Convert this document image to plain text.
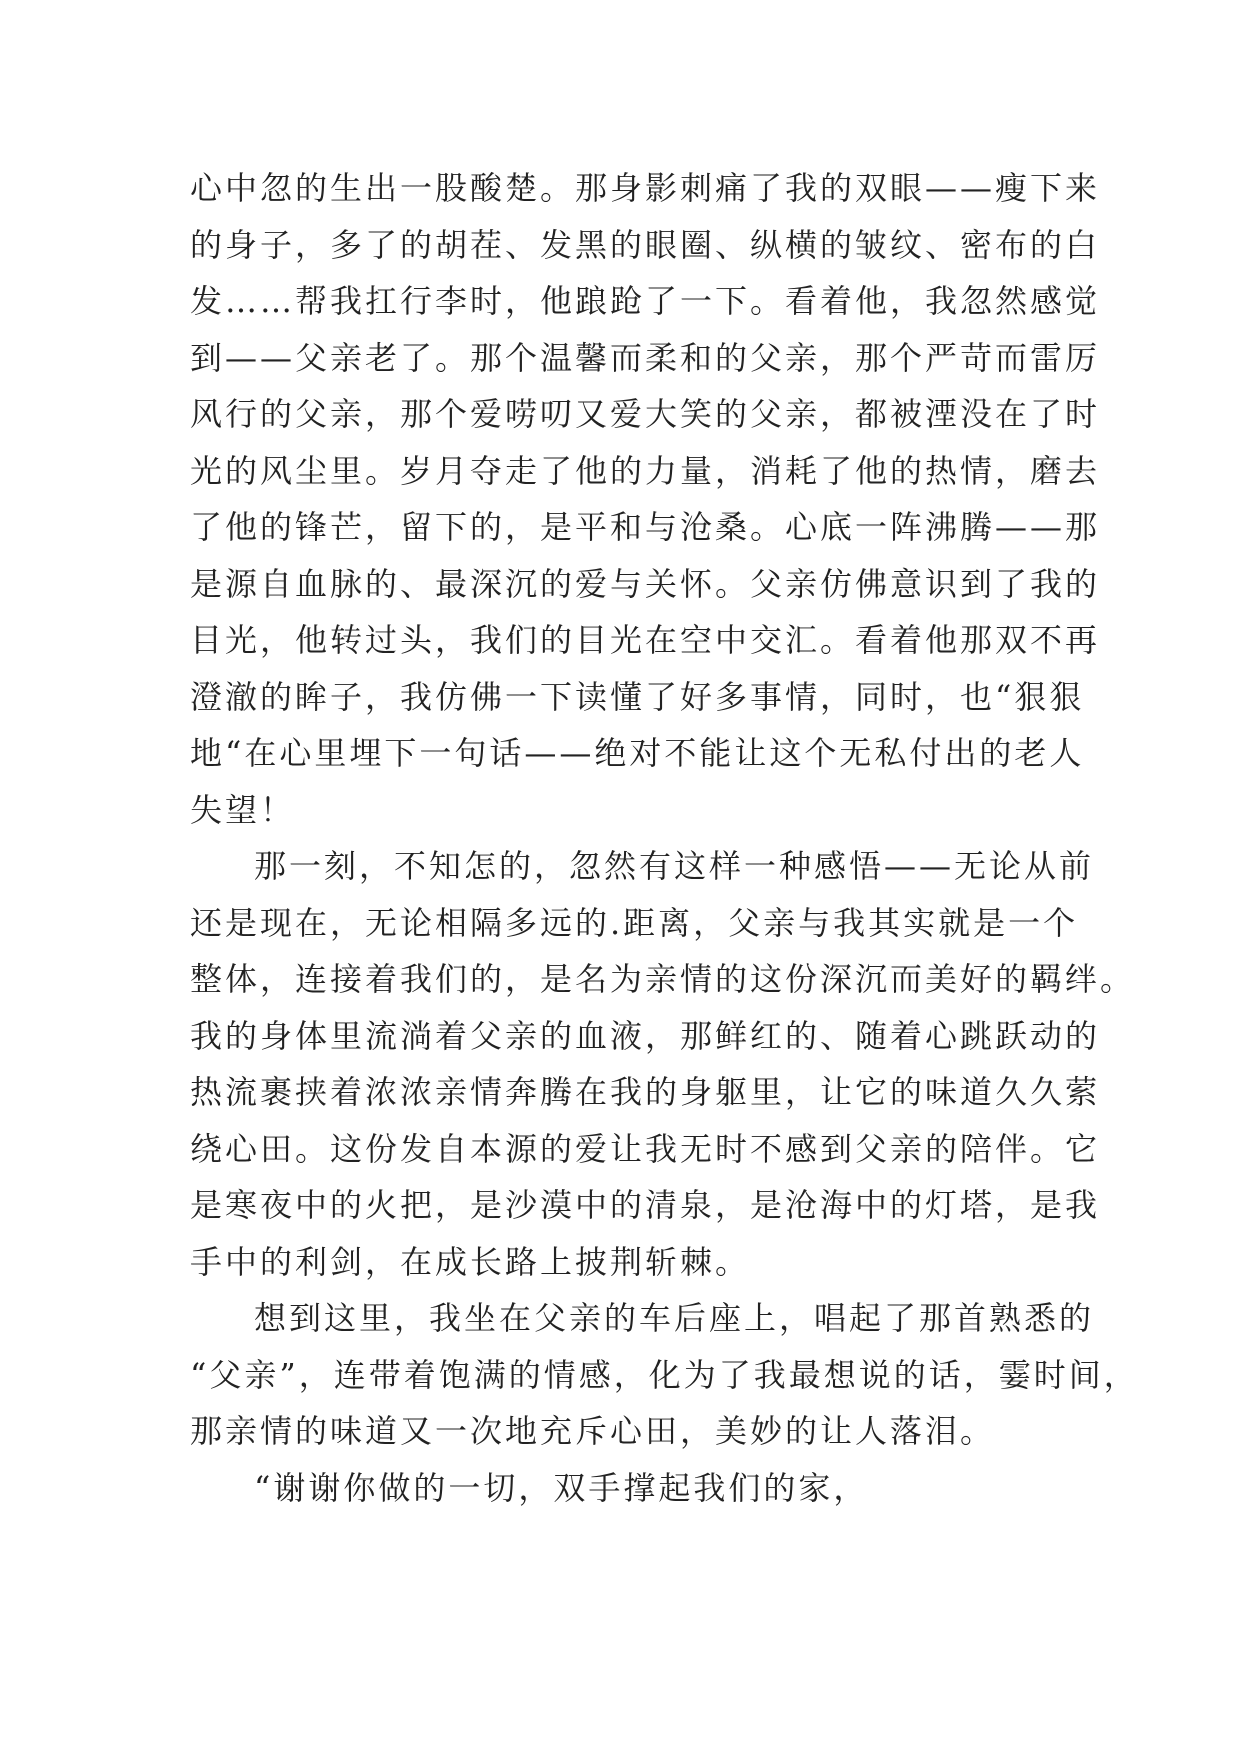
心中忽的生出一股酸楚。那身影刺痛了我的双眼——瘦下来
的身子，多了的胡茬、发黑的眼圈、纵横的皱纹、密布的白
发……帮我扛行李时，他踉跄了一下。看着他，我忽然感觉
到——父亲老了。那个温馨而柔和的父亲，那个严苛而雷厉
风行的父亲，那个爱唠叨又爱大笑的父亲，都被湮没在了时
光的风尘里。岁月夺走了他的力量，消耗了他的热情，磨去
了他的锋芒，留下的，是平和与沧桑。心底一阵沸腾——那
是源自血脉的、最深沉的爱与关怀。父亲仿佛意识到了我的
目光，他转过头，我们的目光在空中交汇。看着他那双不再
澄澈的眸子，我仿佛一下读懂了好多事情，同时，也“狠狠
地“在心里埋下一句话——绝对不能让这个无私付出的老人
失望！
那一刻，不知怎的，忽然有这样一种感悟——无论从前
还是现在，无论相隔多远的.距离，父亲与我其实就是一个
整体，连接着我们的，是名为亲情的这份深沉而美好的羁绊。
我的身体里流淌着父亲的血液，那鲜红的、随着心跳跃动的
热流裹挟着浓浓亲情奔腾在我的身躯里，让它的味道久久萦
绕心田。这份发自本源的爱让我无时不感到父亲的陪伴。它
是寒夜中的火把，是沙漠中的清泉，是沧海中的灯塔，是我
手中的利剑，在成长路上披荆斩棘。
想到这里，我坐在父亲的车后座上，唱起了那首熟悉的
“父亲”，连带着饱满的情感，化为了我最想说的话，霎时间，
那亲情的味道又一次地充斥心田，美妙的让人落泪。
“谢谢你做的一切，双手撑起我们的家，
